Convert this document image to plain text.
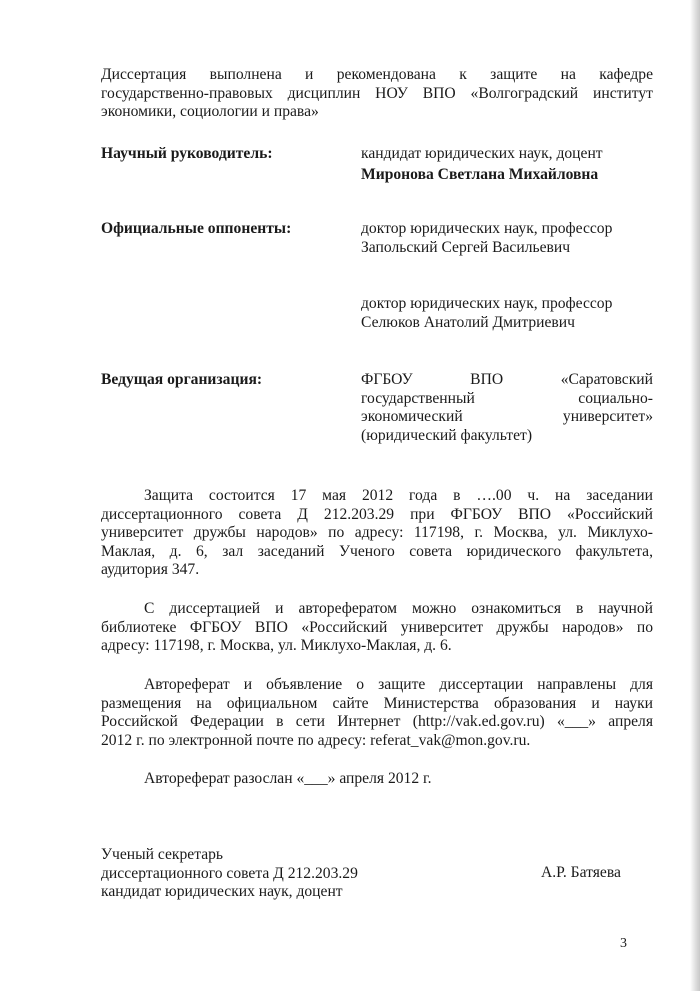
Диссертация выполнена и рекомендована к защите на кафедре
государственно-правовых дисциплин НОУ ВПО «Волгоградский институт
экономики, социологии и права»
Научный руководитель:	кандидат юридических наук, доцент
Миронова Светлана Михайловна
Официальные оппоненты:	доктор юридических наук, профессор
Запольский Сергей Васильевич
доктор юридических наук, профессор
Селюков Анатолий Дмитриевич
Ведущая организация:	ФГБОУ ВПО «Саратовский
государственный социально-
экономический университет»
(юридический факультет)
Защита состоится 17 мая 2012 года в ….00 ч. на заседании
диссертационного совета Д 212.203.29 при ФГБОУ ВПО «Российский
университет дружбы народов» по адресу: 117198, г. Москва, ул. Миклухо-
Маклая, д. 6, зал заседаний Ученого совета юридического факультета,
аудитория 347.
С диссертацией и авторефератом можно ознакомиться в научной
библиотеке ФГБОУ ВПО «Российский университет дружбы народов» по
адресу: 117198, г. Москва, ул. Миклухо-Маклая, д. 6.
Автореферат и объявление о защите диссертации направлены для
размещения на официальном сайте Министерства образования и науки
Российской Федерации в сети Интернет (http://vak.ed.gov.ru) «___» апреля
2012 г. по электронной почте по адресу: referat_vak@mon.gov.ru.
Автореферат разослан «___» апреля 2012 г.
Ученый секретарь
диссертационного совета Д 212.203.29
кандидат юридических наук, доцент
А.Р. Батяева
3
